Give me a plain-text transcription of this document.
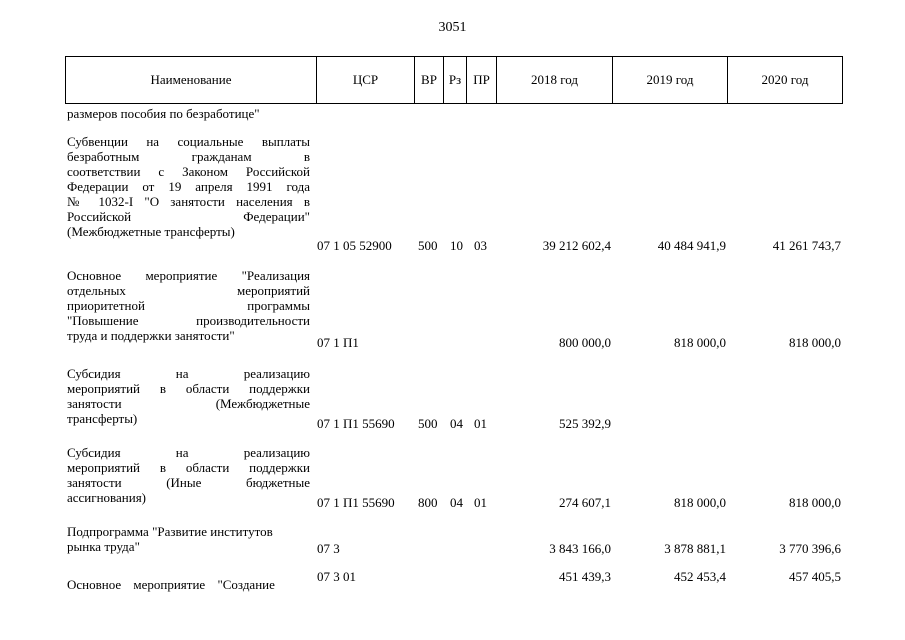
3051
Наименование	ЦСР	ВР Рз ПР	2018 год	2019 год	2020 год
размеров пособия по безработице"
Субвенции на социальные выплаты
безработным гражданам в
соответствии с Законом Российской
Федерации от 19 апреля 1991 года
№ 1032-I "О занятости населения в
Российской Федерации"
(Межбюджетные трансферты)
07 1 05 52900 500 10 03	39 212 602,4	40 484 941,9	41 261 743,7
Основное мероприятие "Реализация
отдельных мероприятий
приоритетной программы
"Повышение производительности
труда и поддержки занятости"	07 1 П1	800 000,0	818 000,0	818 000,0
Субсидия на реализацию
мероприятий в области поддержки
занятости (Межбюджетные
трансферты)	07 1 П1 55690 500 04 01	525 392,9
Субсидия на реализацию
мероприятий в области поддержки
занятости (Иные бюджетные
ассигнования)	07 1 П1 55690 800 04 01	274 607,1	818 000,0	818 000,0
Подпрограмма "Развитие институтов
рынка труда"	07 3	3 843 166,0	3 878 881,1	3 770 396,6
Основное мероприятие "Создание
07 3 01	451 439,3	452 453,4	457 405,5
